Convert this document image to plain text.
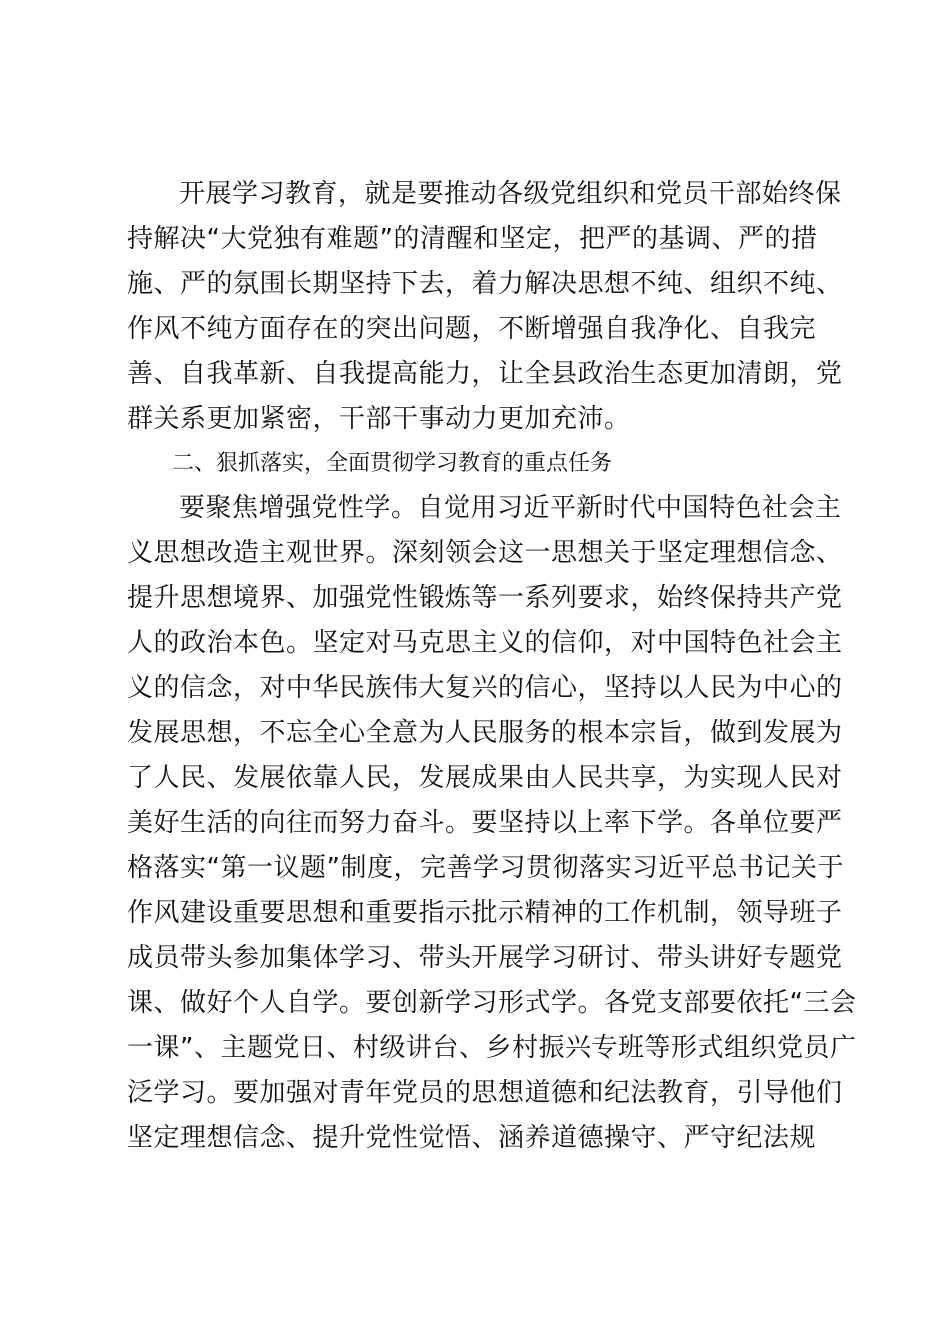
开展学习教育，就是要推动各级党组织和党员干部始终保
持解决“大党独有难题”的清醒和坚定，把严的基调、严的措
施、严的氛围长期坚持下去，着力解决思想不纯、组织不纯、
作风不纯方面存在的突出问题，不断增强自我净化、自我完
善、自我革新、自我提高能力，让全县政治生态更加清朗，党
群关系更加紧密，干部干事动力更加充沛。
二、狠抓落实，全面贯彻学习教育的重点任务
要聚焦增强党性学。自觉用习近平新时代中国特色社会主
义思想改造主观世界。深刻领会这一思想关于坚定理想信念、
提升思想境界、加强党性锻炼等一系列要求，始终保持共产党
人的政治本色。坚定对马克思主义的信仰，对中国特色社会主
义的信念，对中华民族伟大复兴的信心，坚持以人民为中心的
发展思想，不忘全心全意为人民服务的根本宗旨，做到发展为
了人民、发展依靠人民，发展成果由人民共享，为实现人民对
美好生活的向往而努力奋斗。要坚持以上率下学。各单位要严
格落实“第一议题”制度，完善学习贯彻落实习近平总书记关于
作风建设重要思想和重要指示批示精神的工作机制，领导班子
成员带头参加集体学习、带头开展学习研讨、带头讲好专题党
课、做好个人自学。要创新学习形式学。各党支部要依托“三会
一课”、主题党日、村级讲台、乡村振兴专班等形式组织党员广
泛学习。要加强对青年党员的思想道德和纪法教育，引导他们
坚定理想信念、提升党性觉悟、涵养道德操守、严守纪法规
